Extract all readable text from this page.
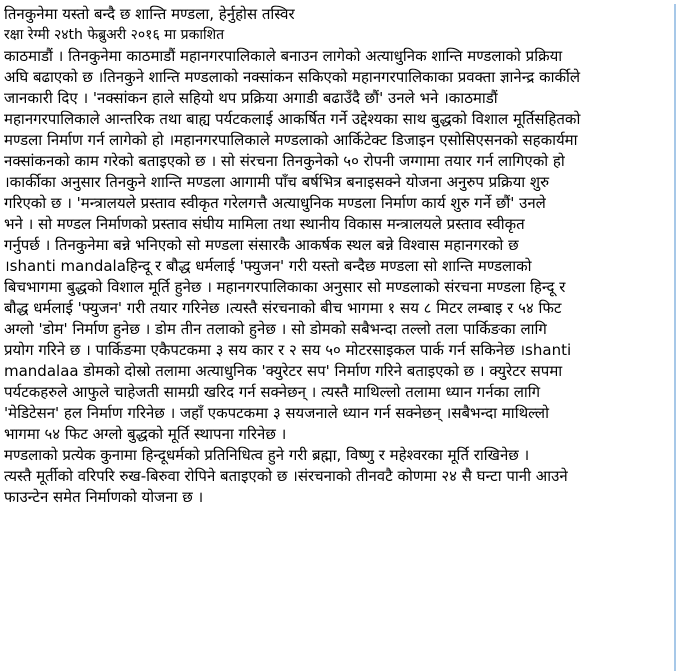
तिनकुनेमा यस्तो बन्दै छ शान्ति मण्डला, हेर्नुहोस तस्विर
रक्षा रेग्मी २४th फेब्रुअरी २०१६ मा प्रकाशित
काठमाडौं । तिनकुनेमा काठमाडौं महानगरपालिकाले बनाउन लागेको अत्याधुनिक शान्ति मण्डलाको प्रक्रिया
अघि बढाएको छ ।तिनकुने शान्ति मण्डलाको नक्सांकन सकिएको महानगरपालिकाका प्रवक्ता ज्ञानेन्द्र कार्कीले
जानकारी दिए । 'नक्सांकन हाले सहियो थप प्रक्रिया अगाडी बढाउँदै छौं' उनले भने ।काठमाडौं
महानगरपालिकाले आन्तरिक तथा बाह्य पर्यटकलाई आकर्षित गर्ने उद्देश्यका साथ बुद्धको विशाल मूर्तिसहितको
मण्डला निर्माण गर्न लागेको हो ।महानगरपालिकाले मण्डलाको आर्किटेक्ट डिजाइन एसोसिएसनको सहकार्यमा
नक्सांकनको काम गरेको बताइएको छ । सो संरचना तिनकुनेको ५० रोपनी जग्गामा तयार गर्न लागिएको हो
।कार्कीका अनुसार तिनकुने शान्ति मण्डला आगामी पाँच बर्षभित्र बनाइसक्ने योजना अनुरुप प्रक्रिया शुरु
गरिएको छ । 'मन्त्रालयले प्रस्ताव स्वीकृत गरेलगत्तै अत्याधुनिक मण्डला निर्माण कार्य शुरु गर्ने छौं' उनले
भने । सो मण्डल निर्माणको प्रस्ताव संघीय मामिला तथा स्थानीय विकास मन्त्रालयले प्रस्ताव स्वीकृत
गर्नुपर्छ । तिनकुनेमा बन्ने भनिएको सो मण्डला संसारकै आकर्षक स्थल बन्ने विश्वास महानगरको छ
।shanti mandalaहिन्दू र बौद्ध धर्मलाई 'फ्युजन' गरी यस्तो बन्दैछ मण्डला सो शान्ति मण्डलाको
बिचभागमा बुद्धको विशाल मूर्ति हुनेछ । महानगरपालिकाका अनुसार सो मण्डलाको संरचना मण्डला हिन्दू र
बौद्ध धर्मलाई 'फ्युजन' गरी तयार गरिनेछ ।त्यस्तै संरचनाको बीच भागमा १ सय ८ मिटर लम्बाइ र ५४ फिट
अग्लो 'डोम' निर्माण हुनेछ । डोम तीन तलाको हुनेछ । सो डोमको सबैभन्दा तल्लो तला पार्किङका लागि
प्रयोग गरिने छ । पार्किङमा एकैपटकमा ३ सय कार र २ सय ५० मोटरसाइकल पार्क गर्न सकिनेछ ।shanti
mandalaa डोमको दोस्रो तलामा अत्याधुनिक 'क्युरेटर सप' निर्माण गरिने बताइएको छ । क्युरेटर सपमा
पर्यटकहरुले आफुले चाहेजती सामग्री खरिद गर्न सक्नेछन् । त्यस्तै माथिल्लो तलामा ध्यान गर्नका लागि
'मेडिटेसन' हल निर्माण गरिनेछ । जहाँ एकपटकमा ३ सयजनाले ध्यान गर्न सक्नेछन् ।सबैभन्दा माथिल्लो
भागमा ५४ फिट अग्लो बुद्धको मूर्ति स्थापना गरिनेछ ।
मण्डलाको प्रत्येक कुनामा हिन्दूधर्मको प्रतिनिधित्व हुने गरी ब्रह्मा, विष्णु र महेश्वरका मूर्ति राखिनेछ ।
त्यस्तै मूर्तीको वरिपरि रुख-बिरुवा रोपिने बताइएको छ ।संरचनाको तीनवटै कोणमा २४ सै घन्टा पानी आउने
फाउन्टेन समेत निर्माणको योजना छ ।
